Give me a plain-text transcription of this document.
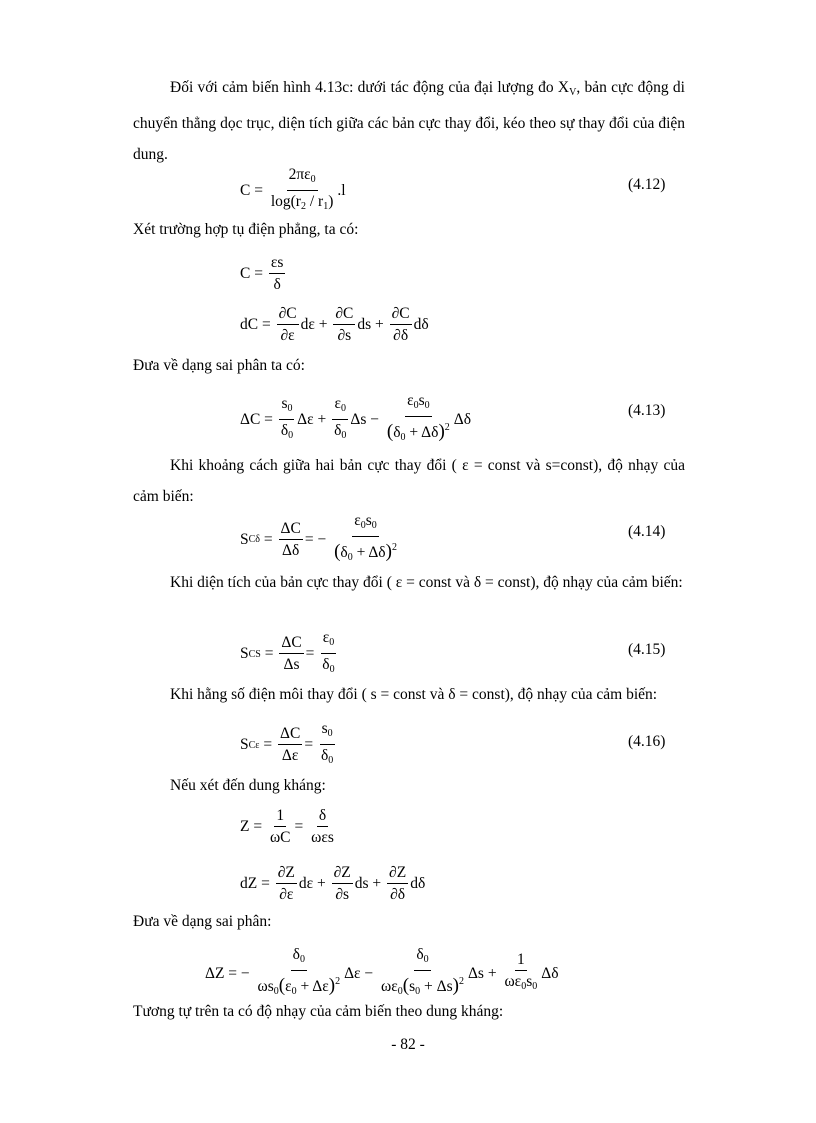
Đối với cảm biến hình 4.13c: dưới tác động của đại lượng đo $X_V$, bản cực động di chuyển thẳng dọc trục, diện tích giữa các bản cực thay đổi, kéo theo sự thay đổi của điện dung.

$C = \frac{2\pi\varepsilon_0}{\log(r_2 / r_1)} .l$	(4.12)
Xét trường hợp tụ điện phẳng, ta có:
$C = \frac{\varepsilon s}{\delta}$
dC = $\frac{\partial C}{\partial\varepsilon}$ $d\varepsilon + \frac{\partial C}{\partial s}$ ds + $\frac{\partial C}{\partial\delta}$ dδ
Đưa về dạng sai phân ta có:
$\Delta C = \frac{s_0}{\delta_0}$ $\Delta\varepsilon + \frac{\varepsilon_0}{\delta_0}$ $\Delta s - \frac{\varepsilon_0s_0}{(\delta_0 + \Delta\delta)^2}$ Δδ	(4.13)

Khi khoảng cách giữa hai bản cực thay đổi ( ε = const và s=const), độ nhạy của cảm biến:

S $C\delta = \frac{\Delta C}{\Delta\delta}$ = − $\frac{\varepsilon_0s_0}{(\delta_0 + \Delta\delta)^2}$	(4.14)

Khi diện tích của bản cực thay đổi ( ε = const và δ = const), độ nhạy của cảm biến:

S CS = $\frac{\Delta C}{\Delta s} = \frac{\varepsilon_0}{\delta_0}$	(4.15)
Khi hằng số điện môi thay đổi ( s = const và δ = const), độ nhạy của cảm biến:
S $C\varepsilon = \frac{\Delta C}{\Delta\varepsilon} = \frac{s_0}{\delta_0}$	(4.16)
Nếu xét đến dung kháng:
$Z = \frac{1}{\omega C} = \frac{\delta}{\text{ωεs}}$
dZ = $\frac{\partial Z}{\partial\varepsilon}$ $d\varepsilon + \frac{\partial Z}{\partial s}$ ds + $\frac{\partial Z}{\partial\delta}$ dδ
Đưa về dạng sai phân:
ΔZ = − $\frac{\delta_0}{\omega s_0(\varepsilon_0 + \Delta\varepsilon)^2}$ $\Delta\varepsilon - \frac{\delta_0}{\omega\varepsilon_0(s_0 + \Delta s)^2}$ $\Delta s + \frac{1}{\omega\varepsilon_0s_0}$ Δδ
Tương tự trên ta có độ nhạy của cảm biến theo dung kháng:
- 82 -
